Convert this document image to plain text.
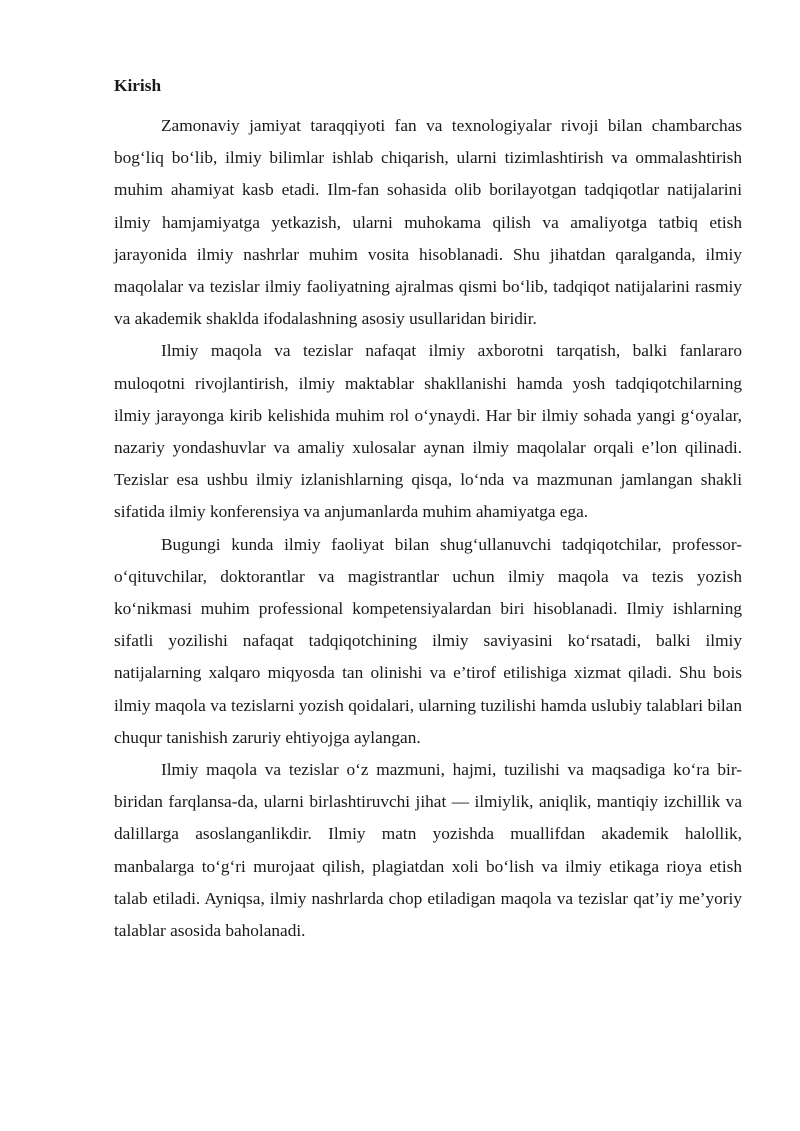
Kirish

Zamonaviy jamiyat taraqqiyoti fan va texnologiyalar rivoji bilan chambarchas bog‘liq bo‘lib, ilmiy bilimlar ishlab chiqarish, ularni tizimlashtirish va ommalashtirish muhim ahamiyat kasb etadi. Ilm-fan sohasida olib borilayotgan tadqiqotlar natijalarini ilmiy hamjamiyatga yetkazish, ularni muhokama qilish va amaliyotga tatbiq etish jarayonida ilmiy nashrlar muhim vosita hisoblanadi. Shu jihatdan qaralganda, ilmiy maqolalar va tezislar ilmiy faoliyatning ajralmas qismi bo‘lib, tadqiqot natijalarini rasmiy va akademik shaklda ifodalashning asosiy usullaridan biridir.

Ilmiy maqola va tezislar nafaqat ilmiy axborotni tarqatish, balki fanlararo muloqotni rivojlantirish, ilmiy maktablar shakllanishi hamda yosh tadqiqotchilarning ilmiy jarayonga kirib kelishida muhim rol o‘ynaydi. Har bir ilmiy sohada yangi g‘oyalar, nazariy yondashuvlar va amaliy xulosalar aynan ilmiy maqolalar orqali e’lon qilinadi. Tezislar esa ushbu ilmiy izlanishlarning qisqa, lo‘nda va mazmunan jamlangan shakli sifatida ilmiy konferensiya va anjumanlarda muhim ahamiyatga ega.

Bugungi kunda ilmiy faoliyat bilan shug‘ullanuvchi tadqiqotchilar, professor-o‘qituvchilar, doktorantlar va magistrantlar uchun ilmiy maqola va tezis yozish ko‘nikmasi muhim professional kompetensiyalardan biri hisoblanadi. Ilmiy ishlarning sifatli yozilishi nafaqat tadqiqotchining ilmiy saviyasini ko‘rsatadi, balki ilmiy natijalarning xalqaro miqyosda tan olinishi va e’tirof etilishiga xizmat qiladi. Shu bois ilmiy maqola va tezislarni yozish qoidalari, ularning tuzilishi hamda uslubiy talablari bilan chuqur tanishish zaruriy ehtiyojga aylangan.

Ilmiy maqola va tezislar o‘z mazmuni, hajmi, tuzilishi va maqsadiga ko‘ra bir-biridan farqlansa-da, ularni birlashtiruvchi jihat — ilmiylik, aniqlik, mantiqiy izchillik va dalillarga asoslanganlikdir. Ilmiy matn yozishda muallifdan akademik halollik, manbalarga to‘g‘ri murojaat qilish, plagiatdan xoli bo‘lish va ilmiy etikaga rioya etish talab etiladi. Ayniqsa, ilmiy nashrlarda chop etiladigan maqola va tezislar qat’iy me’yoriy talablar asosida baholanadi.
